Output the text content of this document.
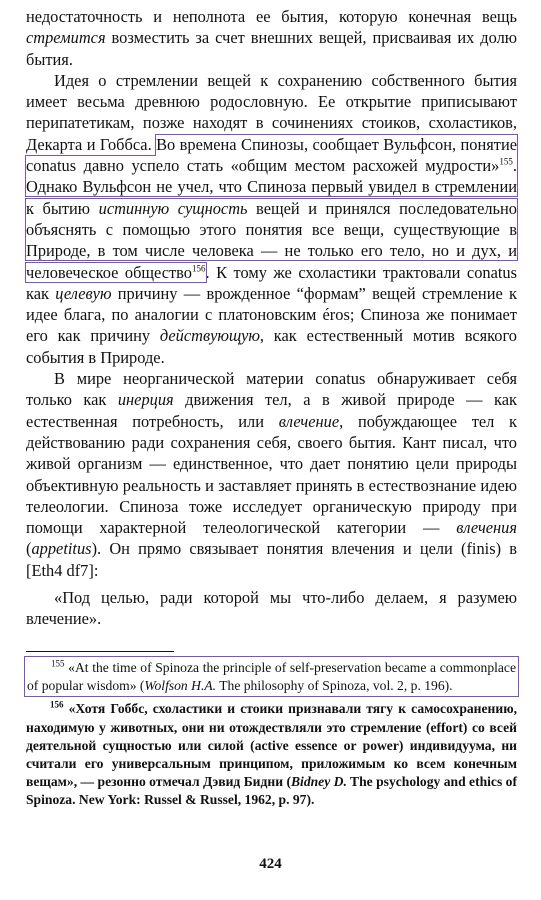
недостаточность и неполнота ее бытия, которую конечная вещь стремится возместить за счет внешних вещей, присваивая их долю бытия.

Идея о стремлении вещей к сохранению собственного бытия имеет весьма древнюю родословную. Ее открытие приписывают перипатетикам, позже находят в сочинениях стоиков, схоластиков, Декарта и Гоббса. Во времена Спинозы, сообщает Вульфсон, понятие conatus давно успело стать «общим местом расхожей мудрости»$^{155}$. Однако Вульфсон не учел, что Спиноза первый увидел в стремлении к бытию истинную сущность вещей и принялся последовательно объяснять с помощью этого понятия все вещи, существующие в Природе, в том числе человека — не только его тело, но и дух, и человеческое общество$^{156}$. К тому же схоластики трактовали conatus как целевую причину — врожденное “формам” вещей стремление к идее блага, по аналогии с платоновским éros; Спиноза же понимает его как причину действующую, как естественный мотив всякого события в Природе.

В мире неорганической материи conatus обнаруживает себя только как инерция движения тел, а в живой природе — как естественная потребность, или влечение, побуждающее тел к действованию ради сохранения себя, своего бытия. Кант писал, что живой организм — единственное, что дает понятию цели природы объективную реальность и заставляет принять в естествознание идею телеологии. Спиноза тоже исследует органическую природу при помощи характерной телеологической категории — влечения (appetitus). Он прямо связывает понятия влечения и цели (finis) в [Eth4 df7]:

«Под целью, ради которой мы что-либо делаем, я разумею влечение».

$^{155}$ «At the time of Spinoza the principle of self-preservation became a commonplace of popular wisdom» (Wolfson H.A. The philosophy of Spinoza, vol. 2, p. 196).

$^{156}$ «Хотя Гоббс, схоластики и стоики признавали тягу к самосохранению, находимую у животных, они ни отождествляли это стремление (effort) со всей деятельной сущностью или силой (active essence or power) индивидуума, ни считали его универсальным принципом, приложимым ко всем конечным вещам», — резонно отмечал Дэвид Бидни (Bidney D. The psychology and ethics of Spinoza. New York: Russel & Russel, 1962, p. 97).

424
